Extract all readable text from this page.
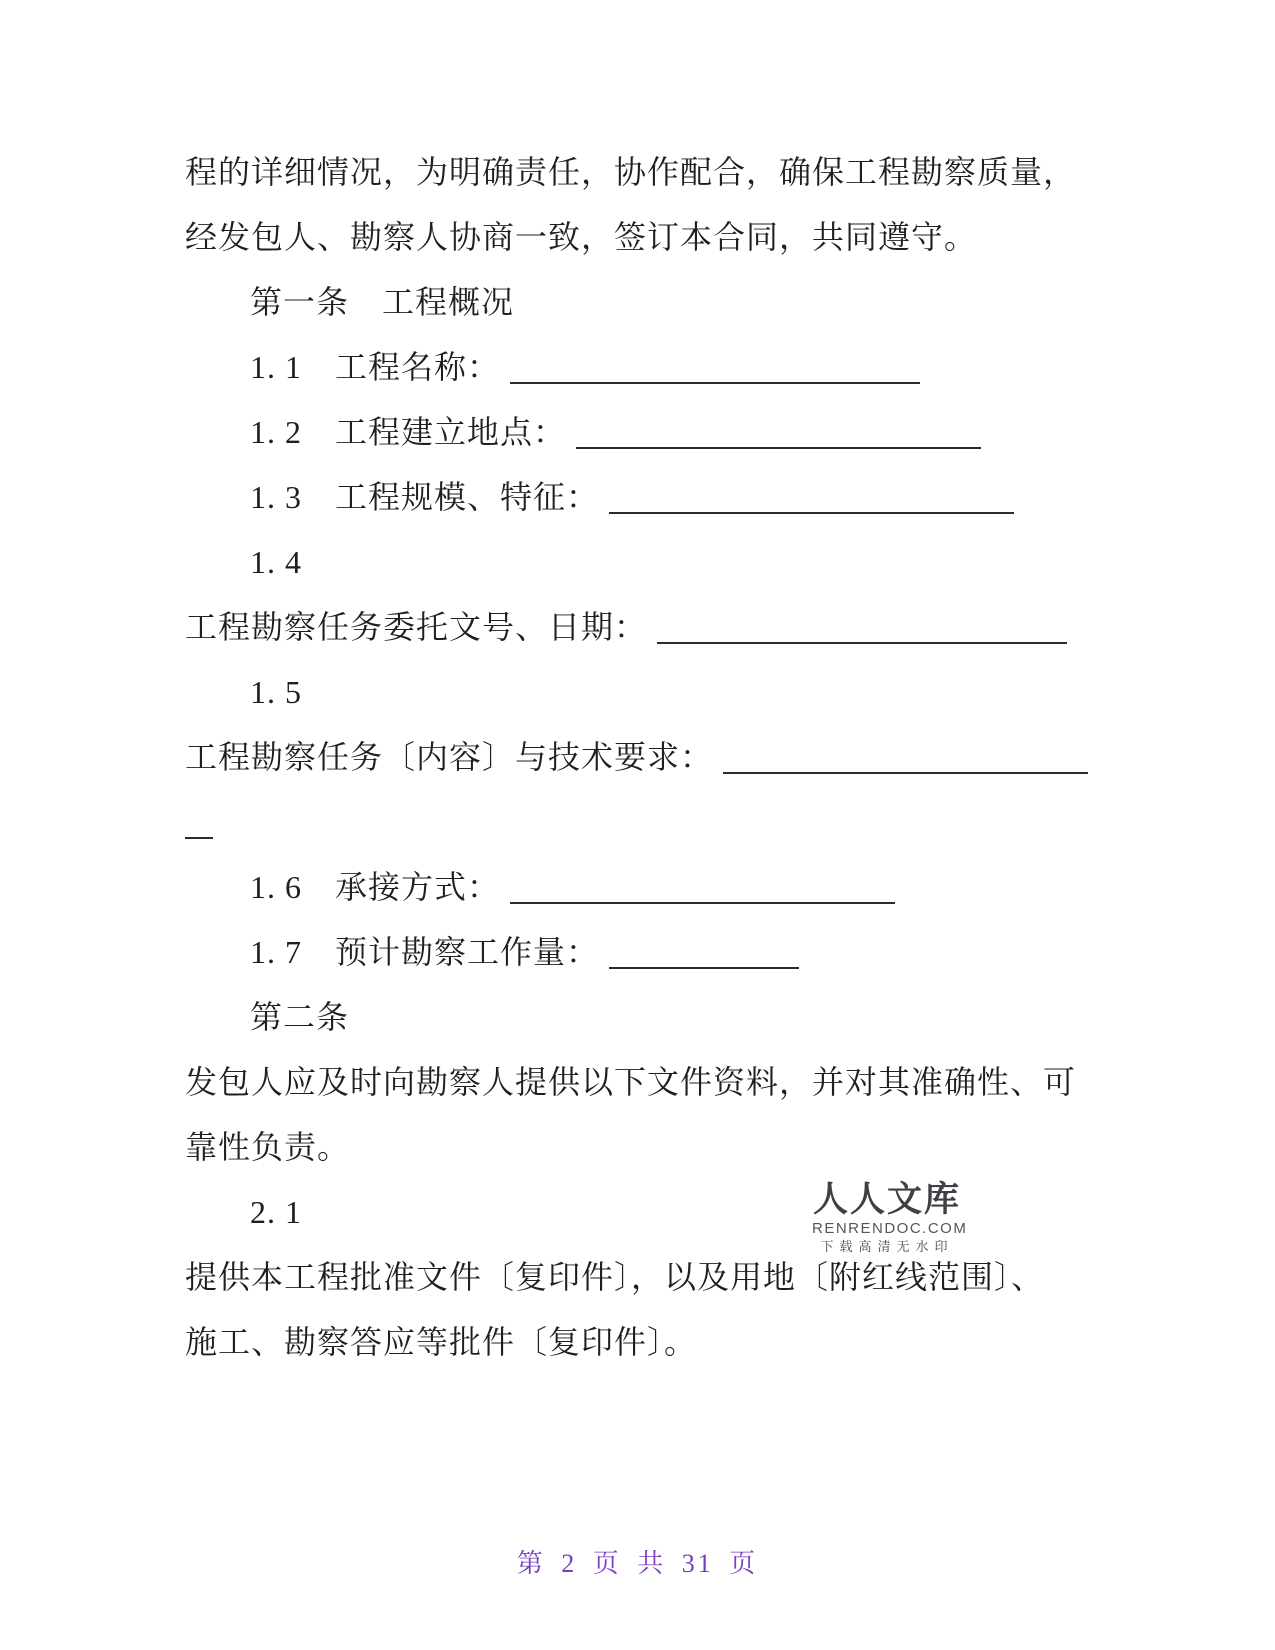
程的详细情况，为明确责任，协作配合，确保工程勘察质量，
经发包人、勘察人协商一致，签订本合同，共同遵守。
第一条　工程概况
1. 1　工程名称：
1. 2　工程建立地点：
1. 3　工程规模、特征：
1. 4
工程勘察任务委托文号、日期：
1. 5
工程勘察任务〔内容〕与技术要求：
1. 6　承接方式：
1. 7　预计勘察工作量：
第二条
发包人应及时向勘察人提供以下文件资料，并对其准确性、可
靠性负责。
2. 1
提供本工程批准文件〔复印件〕，以及用地〔附红线范围〕、
施工、勘察答应等批件〔复印件〕。
人人文库
RENRENDOC.COM
下载高清无水印
第 2 页 共 31 页
